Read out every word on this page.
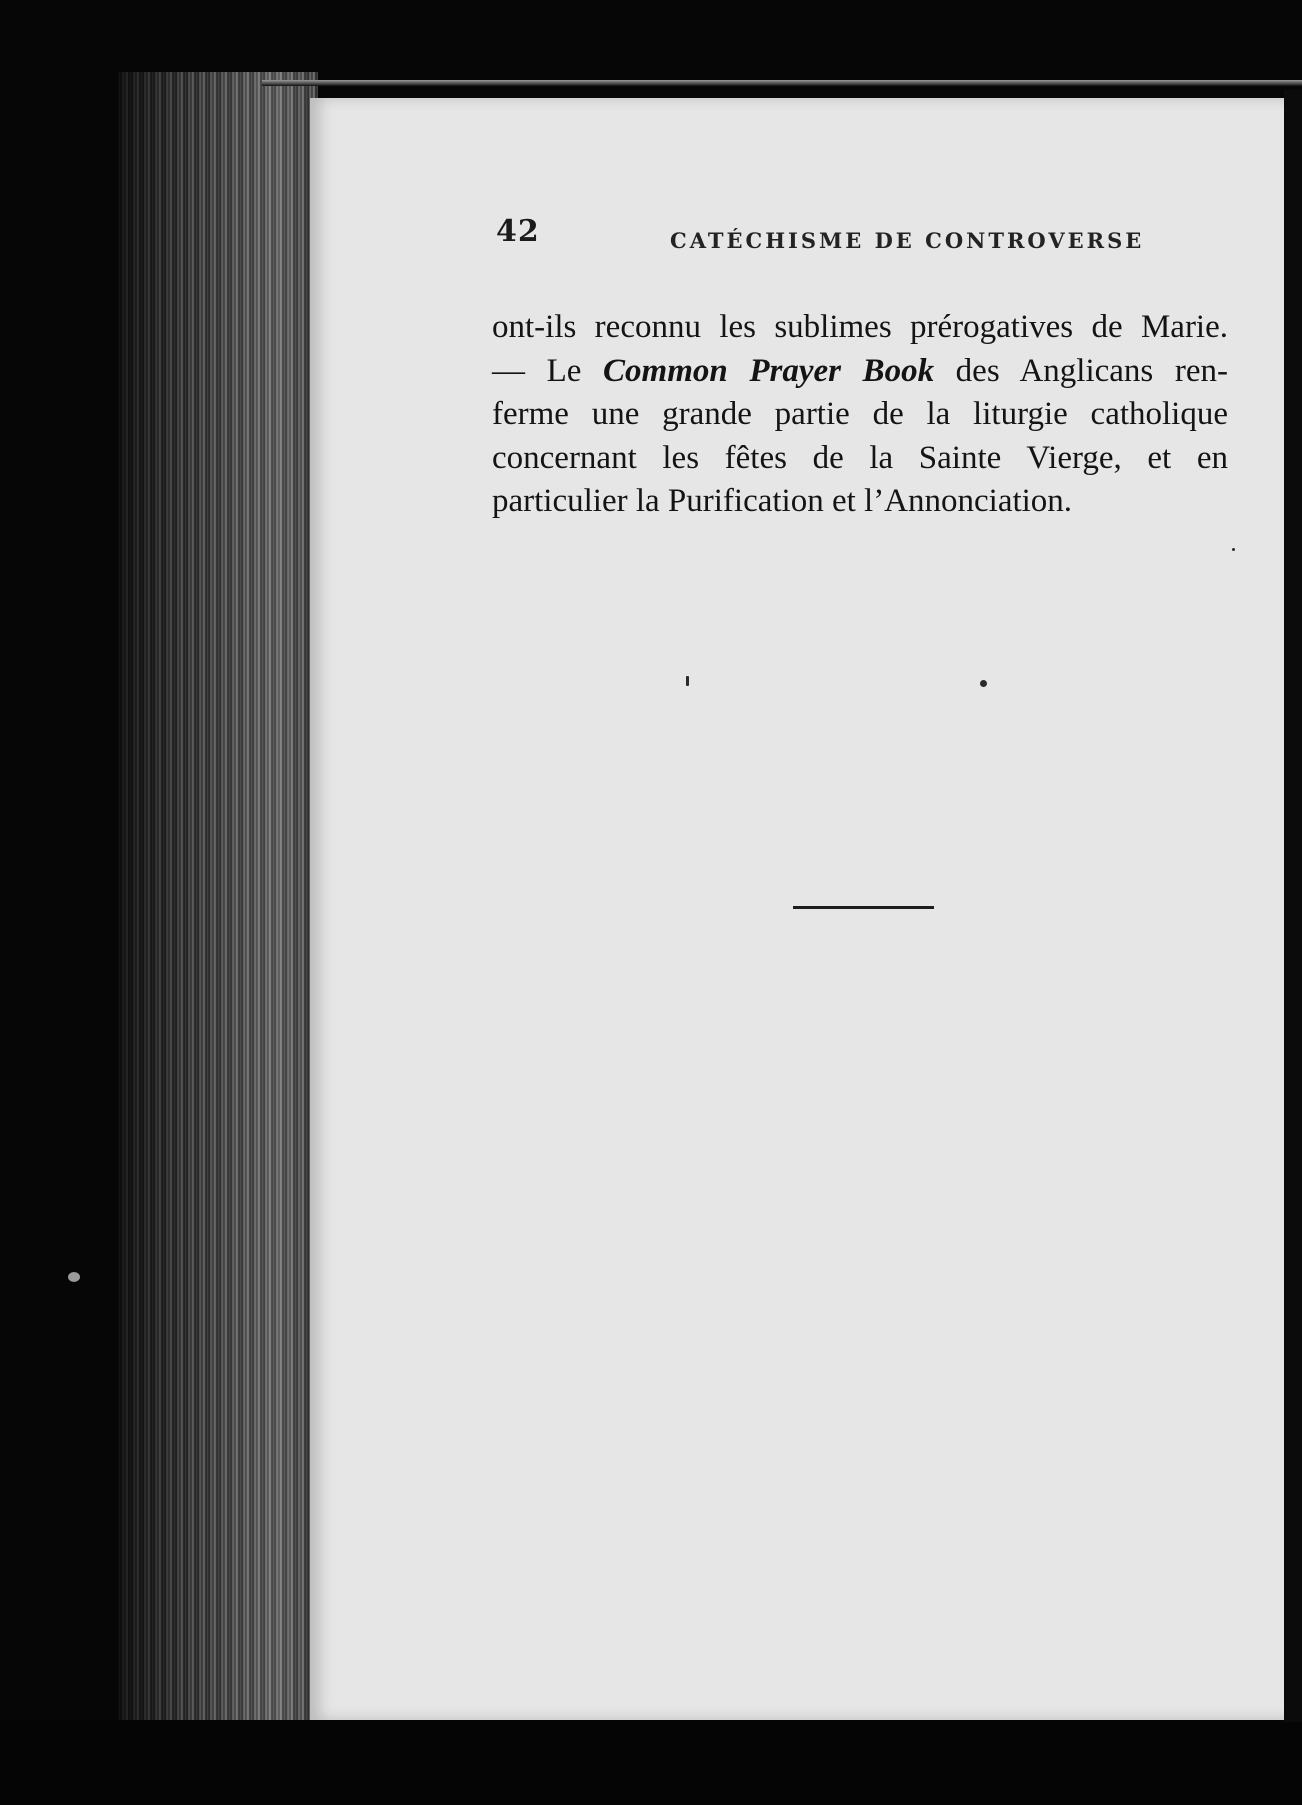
42	CATÉCHISME DE CONTROVERSE
ont-ils reconnu les sublimes prérogatives de Marie.
— Le Common Prayer Book des Anglicans ren-
ferme une grande partie de la liturgie catholique
concernant les fêtes de la Sainte Vierge, et en
particulier la Purification et l’Annonciation.
